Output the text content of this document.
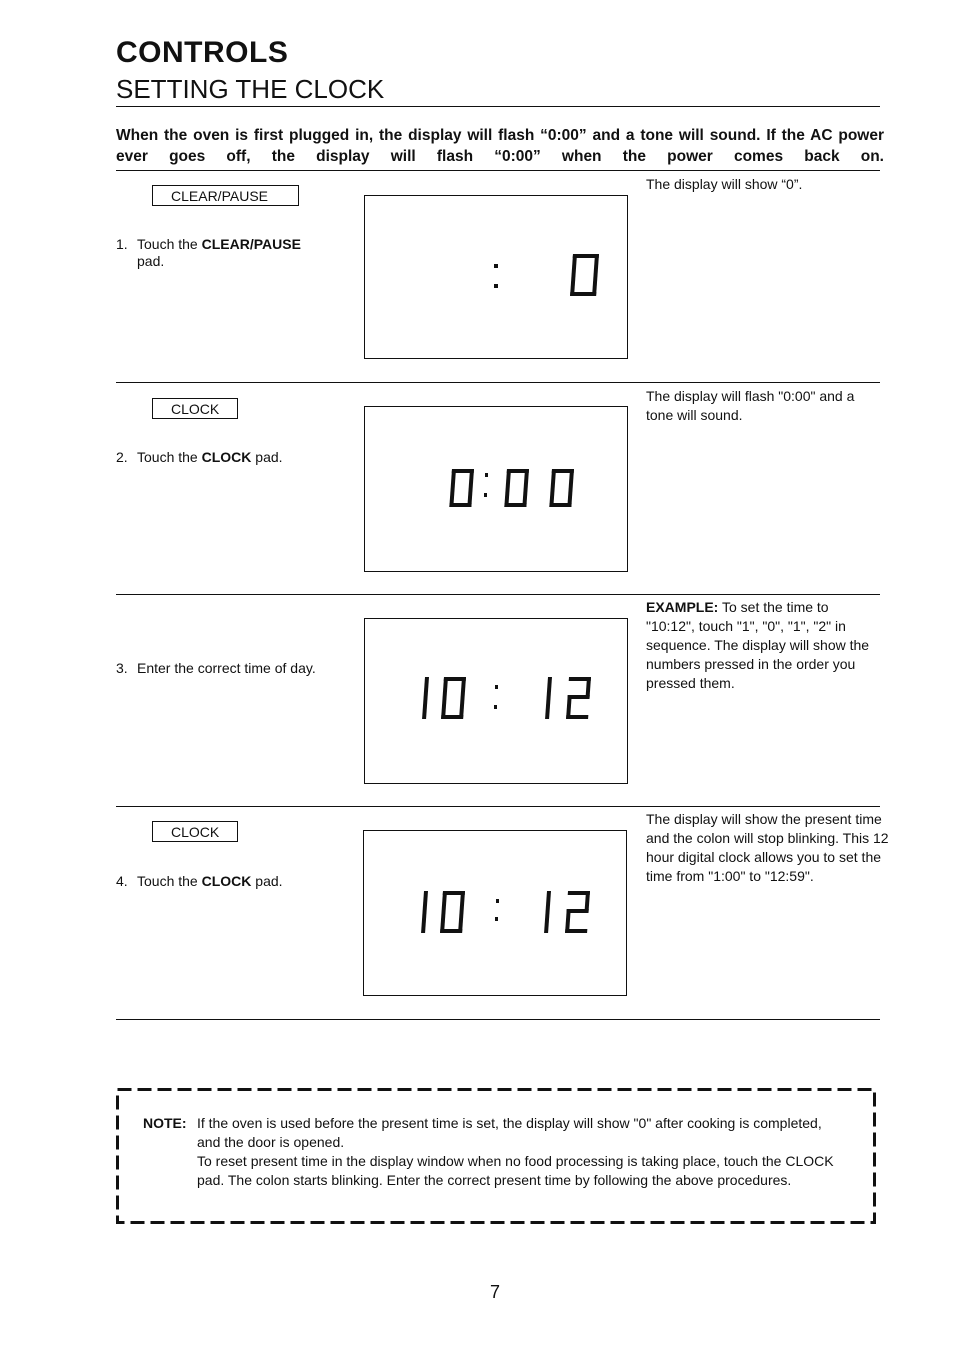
CONTROLS
SETTING THE CLOCK
When the oven is first plugged in, the display will flash “0:00” and a tone will sound. If the AC power ever goes off, the display will flash “0:00” when the power comes back on.
CLEAR/PAUSE
1. Touch the CLEAR/PAUSE
pad.
The display will show “0”.
CLOCK
2. Touch the CLOCK pad.
The display will flash "0:00" and a tone will sound.
3. Enter the correct time of day.
EXAMPLE: To set the time to "10:12", touch "1", "0", "1", "2" in sequence. The display will show the numbers pressed in the order you pressed them.
CLOCK
4. Touch the CLOCK pad.
The display will show the present time and the colon will stop blinking. This 12 hour digital clock allows you to set the time from "1:00" to "12:59".
NOTE: If the oven is used before the present time is set, the display will show "0" after cooking is completed, and the door is opened.
To reset present time in the display window when no food processing is taking place, touch the CLOCK pad. The colon starts blinking. Enter the correct present time by following the above procedures.
7
